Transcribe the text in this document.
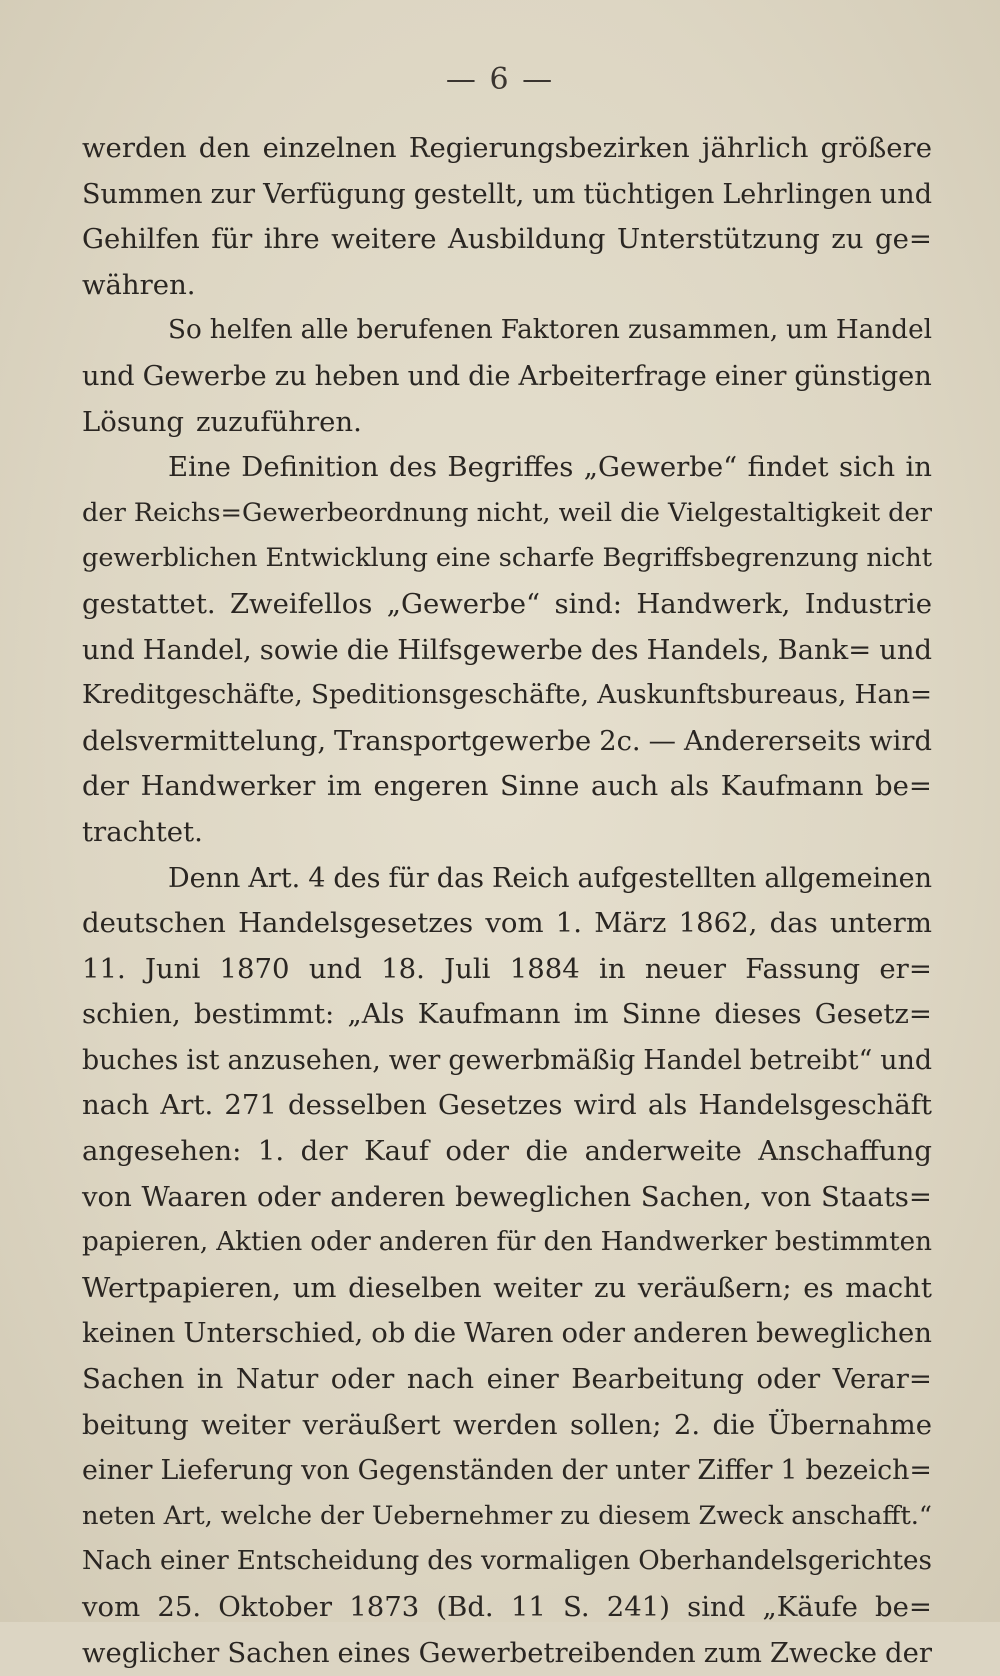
— 6 —
werden den einzelnen Regierungsbezirken jährlich größere
Summen zur Verfügung gestellt, um tüchtigen Lehrlingen und
Gehilfen für ihre weitere Ausbildung Unterstützung zu ge=
währen.
So helfen alle berufenen Faktoren zusammen, um Handel
und Gewerbe zu heben und die Arbeiterfrage einer günstigen
Lösung zuzuführen.
Eine Definition des Begriffes „Gewerbe“ findet sich in
der Reichs=Gewerbeordnung nicht, weil die Vielgestaltigkeit der
gewerblichen Entwicklung eine scharfe Begriffsbegrenzung nicht
gestattet. Zweifellos „Gewerbe“ sind: Handwerk, Industrie
und Handel, sowie die Hilfsgewerbe des Handels, Bank= und
Kreditgeschäfte, Speditionsgeschäfte, Auskunftsbureaus, Han=
delsvermittelung, Transportgewerbe 2c. — Andererseits wird
der Handwerker im engeren Sinne auch als Kaufmann be=
trachtet.
Denn Art. 4 des für das Reich aufgestellten allgemeinen
deutschen Handelsgesetzes vom 1. März 1862, das unterm
11. Juni 1870 und 18. Juli 1884 in neuer Fassung er=
schien, bestimmt: „Als Kaufmann im Sinne dieses Gesetz=
buches ist anzusehen, wer gewerbmäßig Handel betreibt“ und
nach Art. 271 desselben Gesetzes wird als Handelsgeschäft
angesehen: 1. der Kauf oder die anderweite Anschaffung
von Waaren oder anderen beweglichen Sachen, von Staats=
papieren, Aktien oder anderen für den Handwerker bestimmten
Wertpapieren, um dieselben weiter zu veräußern; es macht
keinen Unterschied, ob die Waren oder anderen beweglichen
Sachen in Natur oder nach einer Bearbeitung oder Verar=
beitung weiter veräußert werden sollen; 2. die Übernahme
einer Lieferung von Gegenständen der unter Ziffer 1 bezeich=
neten Art, welche der Uebernehmer zu diesem Zweck anschafft.“
Nach einer Entscheidung des vormaligen Oberhandelsgerichtes
vom 25. Oktober 1873 (Bd. 11 S. 241) sind „Käufe be=
weglicher Sachen eines Gewerbetreibenden zum Zwecke der
